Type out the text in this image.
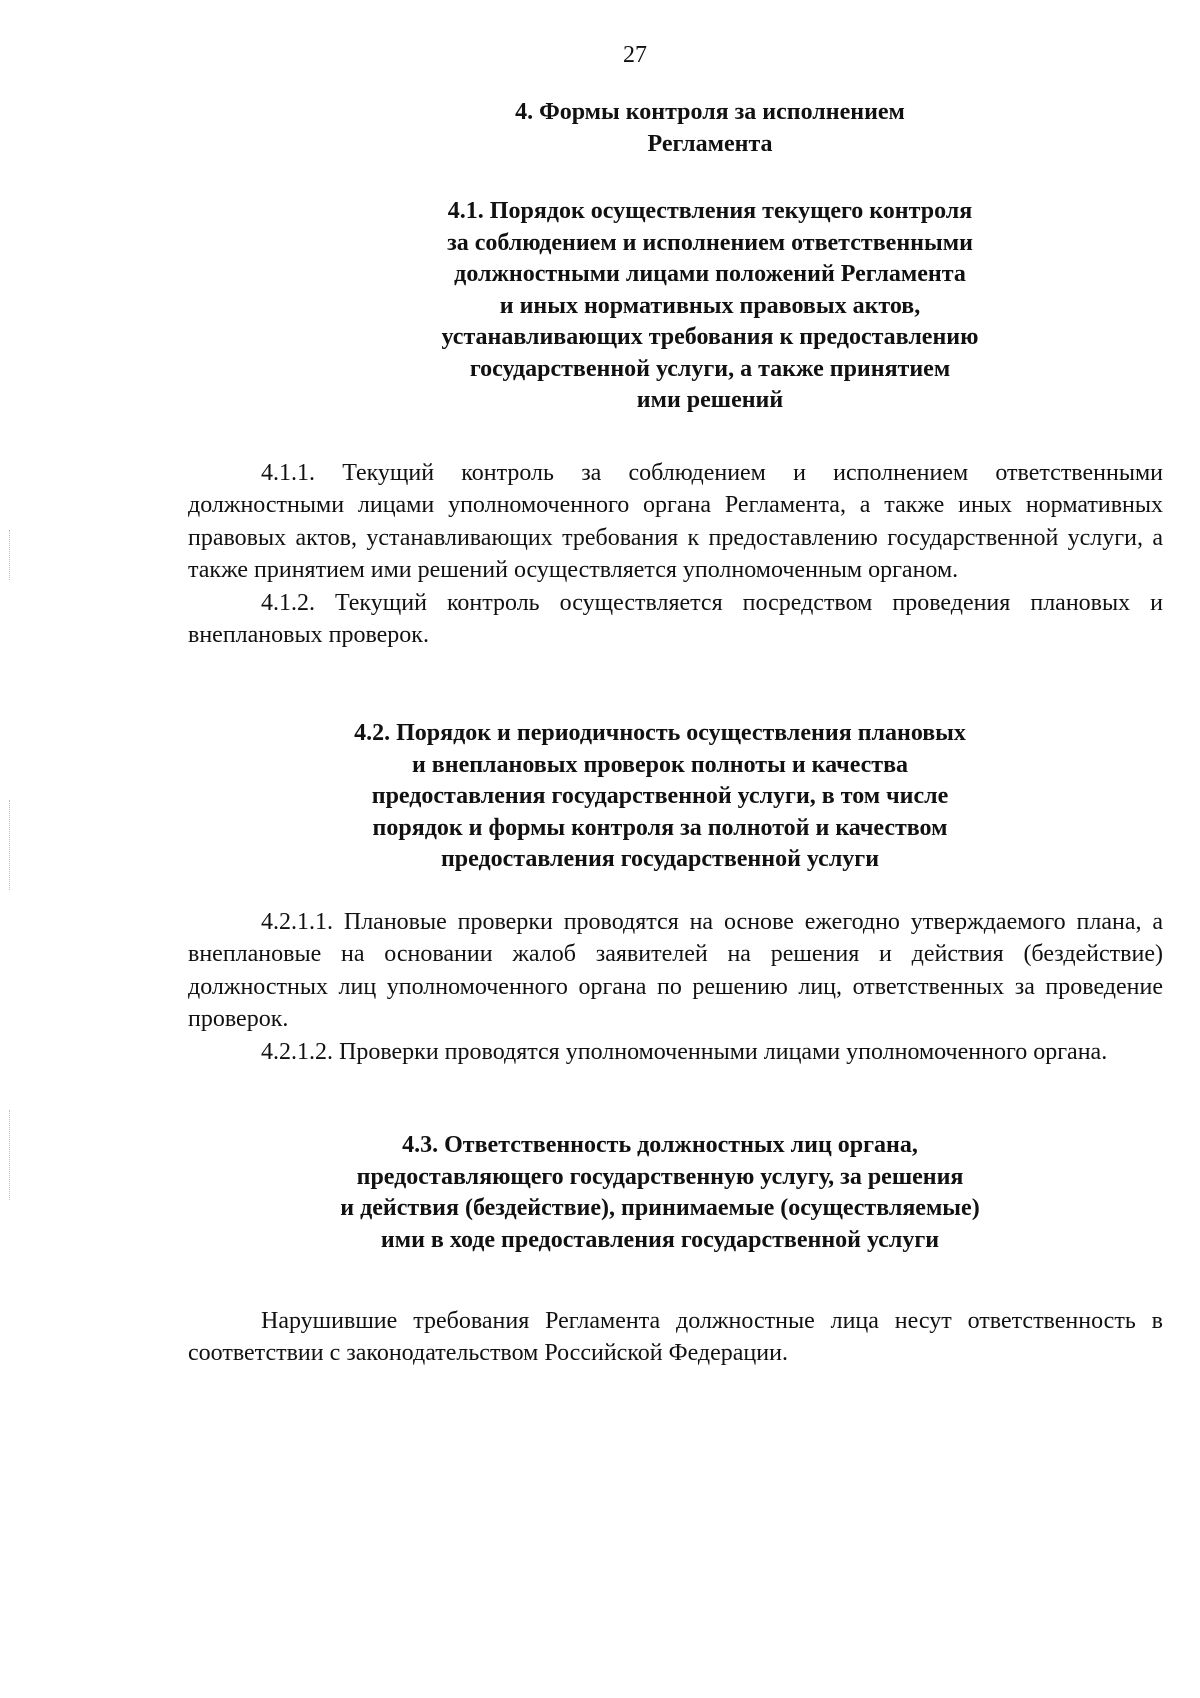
27
4. Формы контроля за исполнением
Регламента
4.1. Порядок осуществления текущего контроля
за соблюдением и исполнением ответственными
должностными лицами положений Регламента
и иных нормативных правовых актов,
устанавливающих требования к предоставлению
государственной услуги, а также принятием
ими решений

4.1.1. Текущий контроль за соблюдением и исполнением ответственными должностными лицами уполномоченного органа Регламента, а также иных нормативных правовых актов, устанавливающих требования к предоставлению государственной услуги, а также принятием ими решений осуществляется уполномоченным органом.

4.1.2. Текущий контроль осуществляется посредством проведения плановых и внеплановых проверок.

4.2. Порядок и периодичность осуществления плановых
и внеплановых проверок полноты и качества
предоставления государственной услуги, в том числе
порядок и формы контроля за полнотой и качеством
предоставления государственной услуги

4.2.1.1. Плановые проверки проводятся на основе ежегодно утверждаемого плана, а внеплановые на основании жалоб заявителей на решения и действия (бездействие) должностных лиц уполномоченного органа по решению лиц, ответственных за проведение проверок.

4.2.1.2. Проверки проводятся уполномоченными лицами уполномоченного органа.

4.3. Ответственность должностных лиц органа,
предоставляющего государственную услугу, за решения
и действия (бездействие), принимаемые (осуществляемые)
ими в ходе предоставления государственной услуги

Нарушившие требования Регламента должностные лица несут ответственность в соответствии с законодательством Российской Федерации.
